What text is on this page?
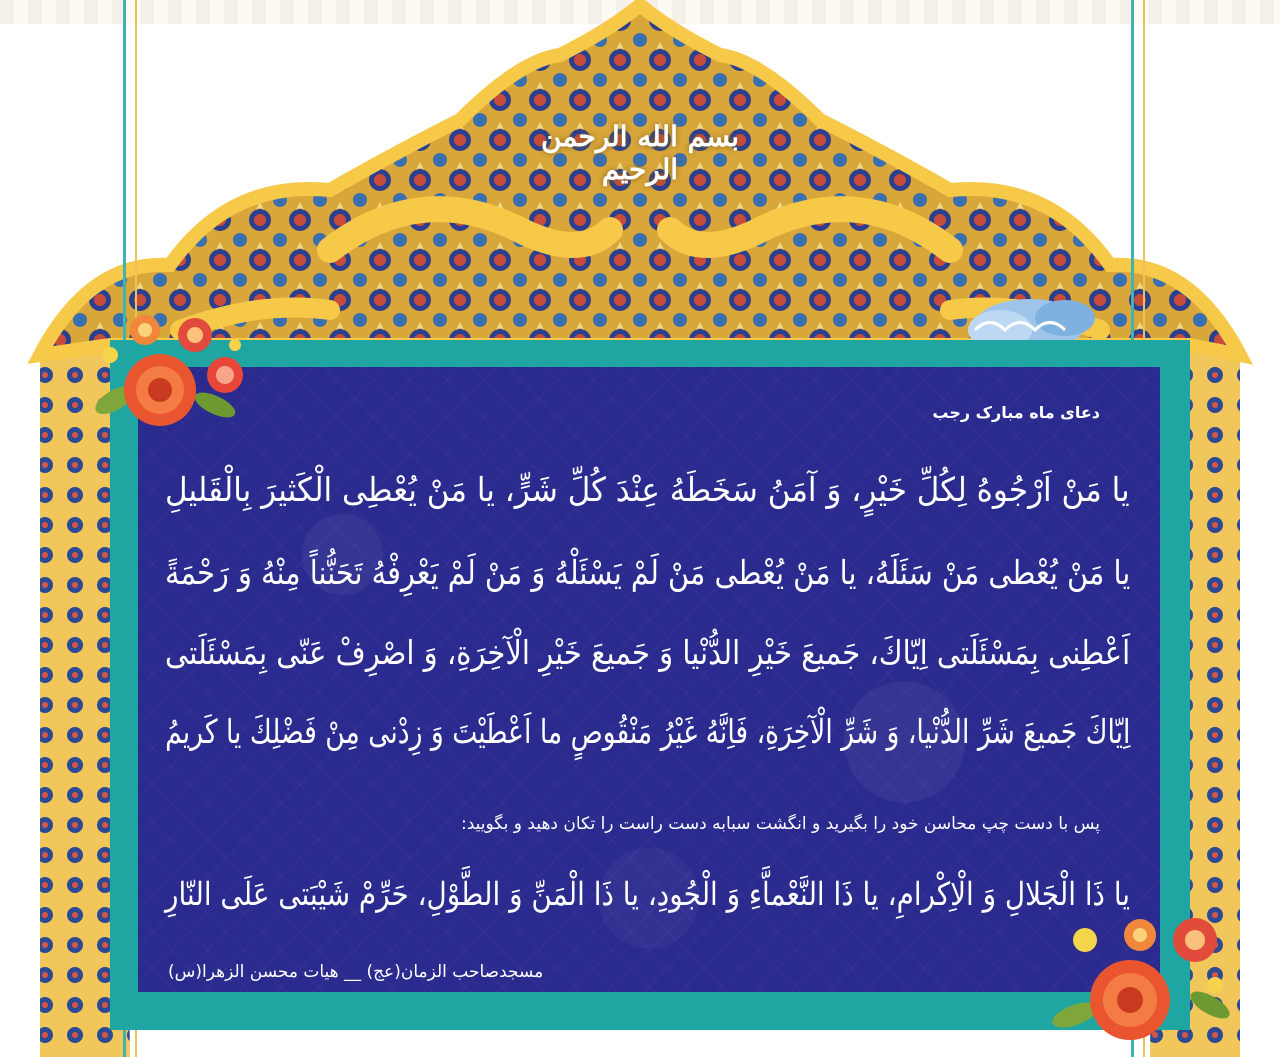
بسم الله الرحمن الرحیم
دعای ماه مبارک رجب
یا مَنْ اَرْجُوهُ لِكُلِّ خَیْرٍ، وَ آمَنُ سَخَطَهُ عِنْدَ كُلِّ شَرٍّ، یا مَنْ یُعْطِی الْكَثیرَ بِالْقَلیلِ
یا مَنْ یُعْطی مَنْ سَئَلَهُ، یا مَنْ یُعْطی مَنْ لَمْ یَسْئَلْهُ وَ مَنْ لَمْ یَعْرِفْهُ تَحَنُّناً مِنْهُ وَ رَحْمَةً
اَعْطِنی بِمَسْئَلَتی اِیّاكَ، جَمیعَ خَیْرِ الدُّنْیا وَ جَمیعَ خَیْرِ الْآخِرَةِ، وَ اصْرِفْ عَنّی بِمَسْئَلَتی
اِیّاكَ جَمیعَ شَرِّ الدُّنْیا، وَ شَرِّ الْآخِرَةِ، فَاِنَّهُ غَیْرُ مَنْقُوصٍ ما اَعْطَیْتَ وَ زِدْنی مِنْ فَضْلِكَ یا كَریمُ
پس با دست چپ محاسن خود را بگیرید و انگشت سبابه دست راست را تکان دهید و بگویید:
یا ذَا الْجَلالِ وَ الْاِكْرامِ، یا ذَا النَّعْماَّءِ وَ الْجُودِ، یا ذَا الْمَنِّ وَ الطَّوْلِ، حَرِّمْ شَیْبَتی عَلَی النّارِ
مسجدصاحب الزمان(عج) __ هیات محسن الزهرا(س)
